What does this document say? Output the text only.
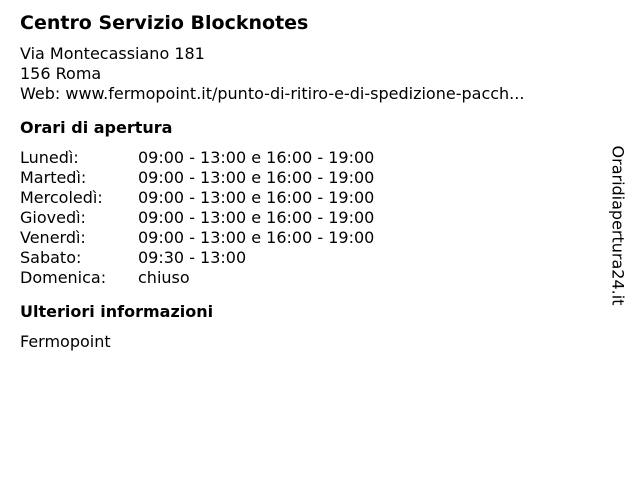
Centro Servizio Blocknotes
Via Montecassiano 181
156 Roma
Web: www.fermopoint.it/punto-di-ritiro-e-di-spedizione-pacch...
Orari di apertura
Lunedì:	09:00 - 13:00 e 16:00 - 19:00
Martedì:	09:00 - 13:00 e 16:00 - 19:00
Mercoledì:	09:00 - 13:00 e 16:00 - 19:00
Giovedì:	09:00 - 13:00 e 16:00 - 19:00
Venerdì:	09:00 - 13:00 e 16:00 - 19:00
Sabato:	09:30 - 13:00
Domenica:	chiuso
Ulteriori informazioni
Fermopoint
Oraridiapertura24.it
